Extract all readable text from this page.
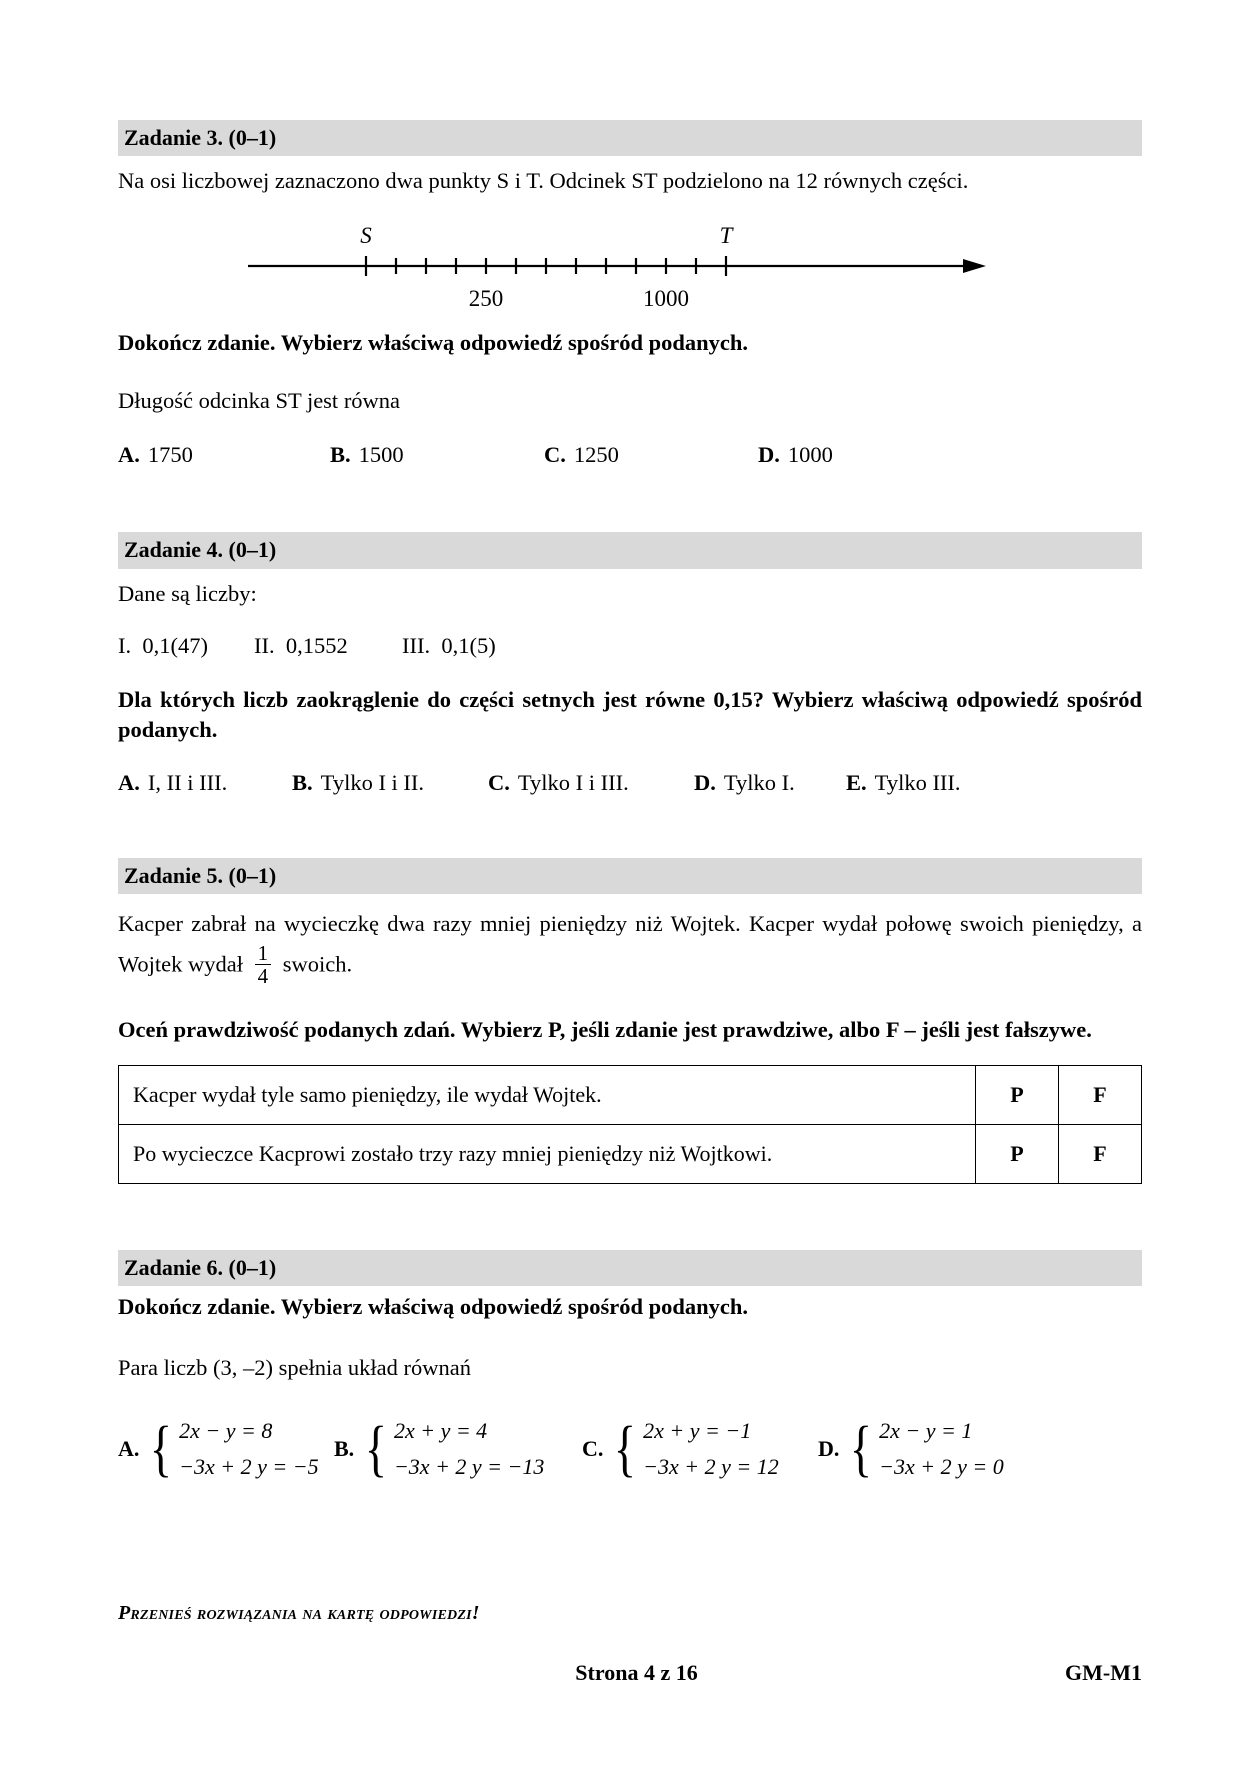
Zadanie 3. (0–1)
Na osi liczbowej zaznaczono dwa punkty S i T. Odcinek ST podzielono na 12 równych części.
S	T
250	1000
Dokończ zdanie. Wybierz właściwą odpowiedź spośród podanych.
Długość odcinka ST jest równa
A. 1750	B. 1500	C. 1250	D. 1000
Zadanie 4. (0–1)
Dane są liczby:
I. 0,1(47)	II. 0,1552	III. 0,1(5)
Dla których liczb zaokrąglenie do części setnych jest równe 0,15? Wybierz właściwą odpowiedź spośród podanych.
A. I, II i III.	B. Tylko I i II.	C. Tylko I i III.	D. Tylko I. E. Tylko III.
Zadanie 5. (0–1)
Kacper zabrał na wycieczkę dwa razy mniej pieniędzy niż Wojtek. Kacper wydał połowę swoich pieniędzy, a Wojtek wydał $\frac{1}{4}$ swoich.
Oceń prawdziwość podanych zdań. Wybierz P, jeśli zdanie jest prawdziwe, albo F – jeśli jest fałszywe.
Kacper wydał tyle samo pieniędzy, ile wydał Wojtek.	P	F
Po wycieczce Kacprowi zostało trzy razy mniej pieniędzy niż Wojtkowi.	P	F
Zadanie 6. (0–1)
Dokończ zdanie. Wybierz właściwą odpowiedź spośród podanych.
Para liczb (3, –2) spełnia układ równań
A. { 2x − y = 8
−3x + 2 y = −5
B. { 2x + y = 4
−3x + 2 y = −13
C. { 2x + y = −1
−3x + 2 y = 12
D. { 2x − y = 1
−3x + 2 y = 0
Przenieś rozwiązania na kartę odpowiedzi!
Strona 4 z 16	GM-M1
